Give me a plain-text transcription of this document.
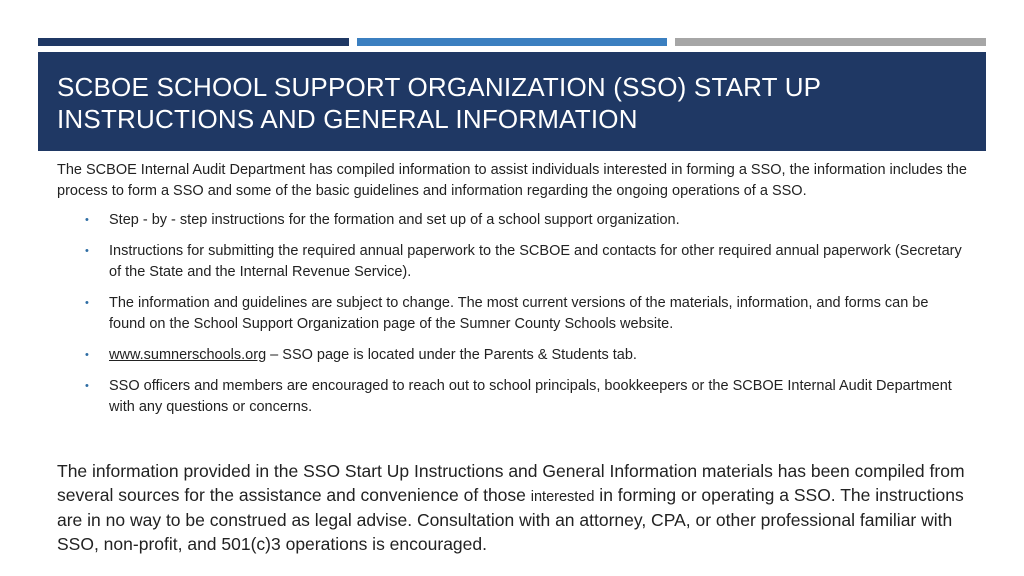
SCBOE SCHOOL SUPPORT ORGANIZATION (SSO) START UP INSTRUCTIONS AND GENERAL INFORMATION

The SCBOE Internal Audit Department has compiled information to assist individuals interested in forming a SSO, the information includes the process to form a SSO and some of the basic guidelines and information regarding the ongoing operations of a SSO.

• Step - by - step instructions for the formation and set up of a school support organization.
• Instructions for submitting the required annual paperwork to the SCBOE and contacts for other required annual paperwork (Secretary of the State and the Internal Revenue Service).
• The information and guidelines are subject to change. The most current versions of the materials, information, and forms can be found on the School Support Organization page of the Sumner County Schools website.
• www.sumnerschools.org – SSO page is located under the Parents & Students tab.
• SSO officers and members are encouraged to reach out to school principals, bookkeepers or the SCBOE Internal Audit Department with any questions or concerns.

The information provided in the SSO Start Up Instructions and General Information materials has been compiled from several sources for the assistance and convenience of those interested in forming or operating a SSO. The instructions are in no way to be construed as legal advise. Consultation with an attorney, CPA, or other professional familiar with SSO, non-profit, and 501(c)3 operations is encouraged.
